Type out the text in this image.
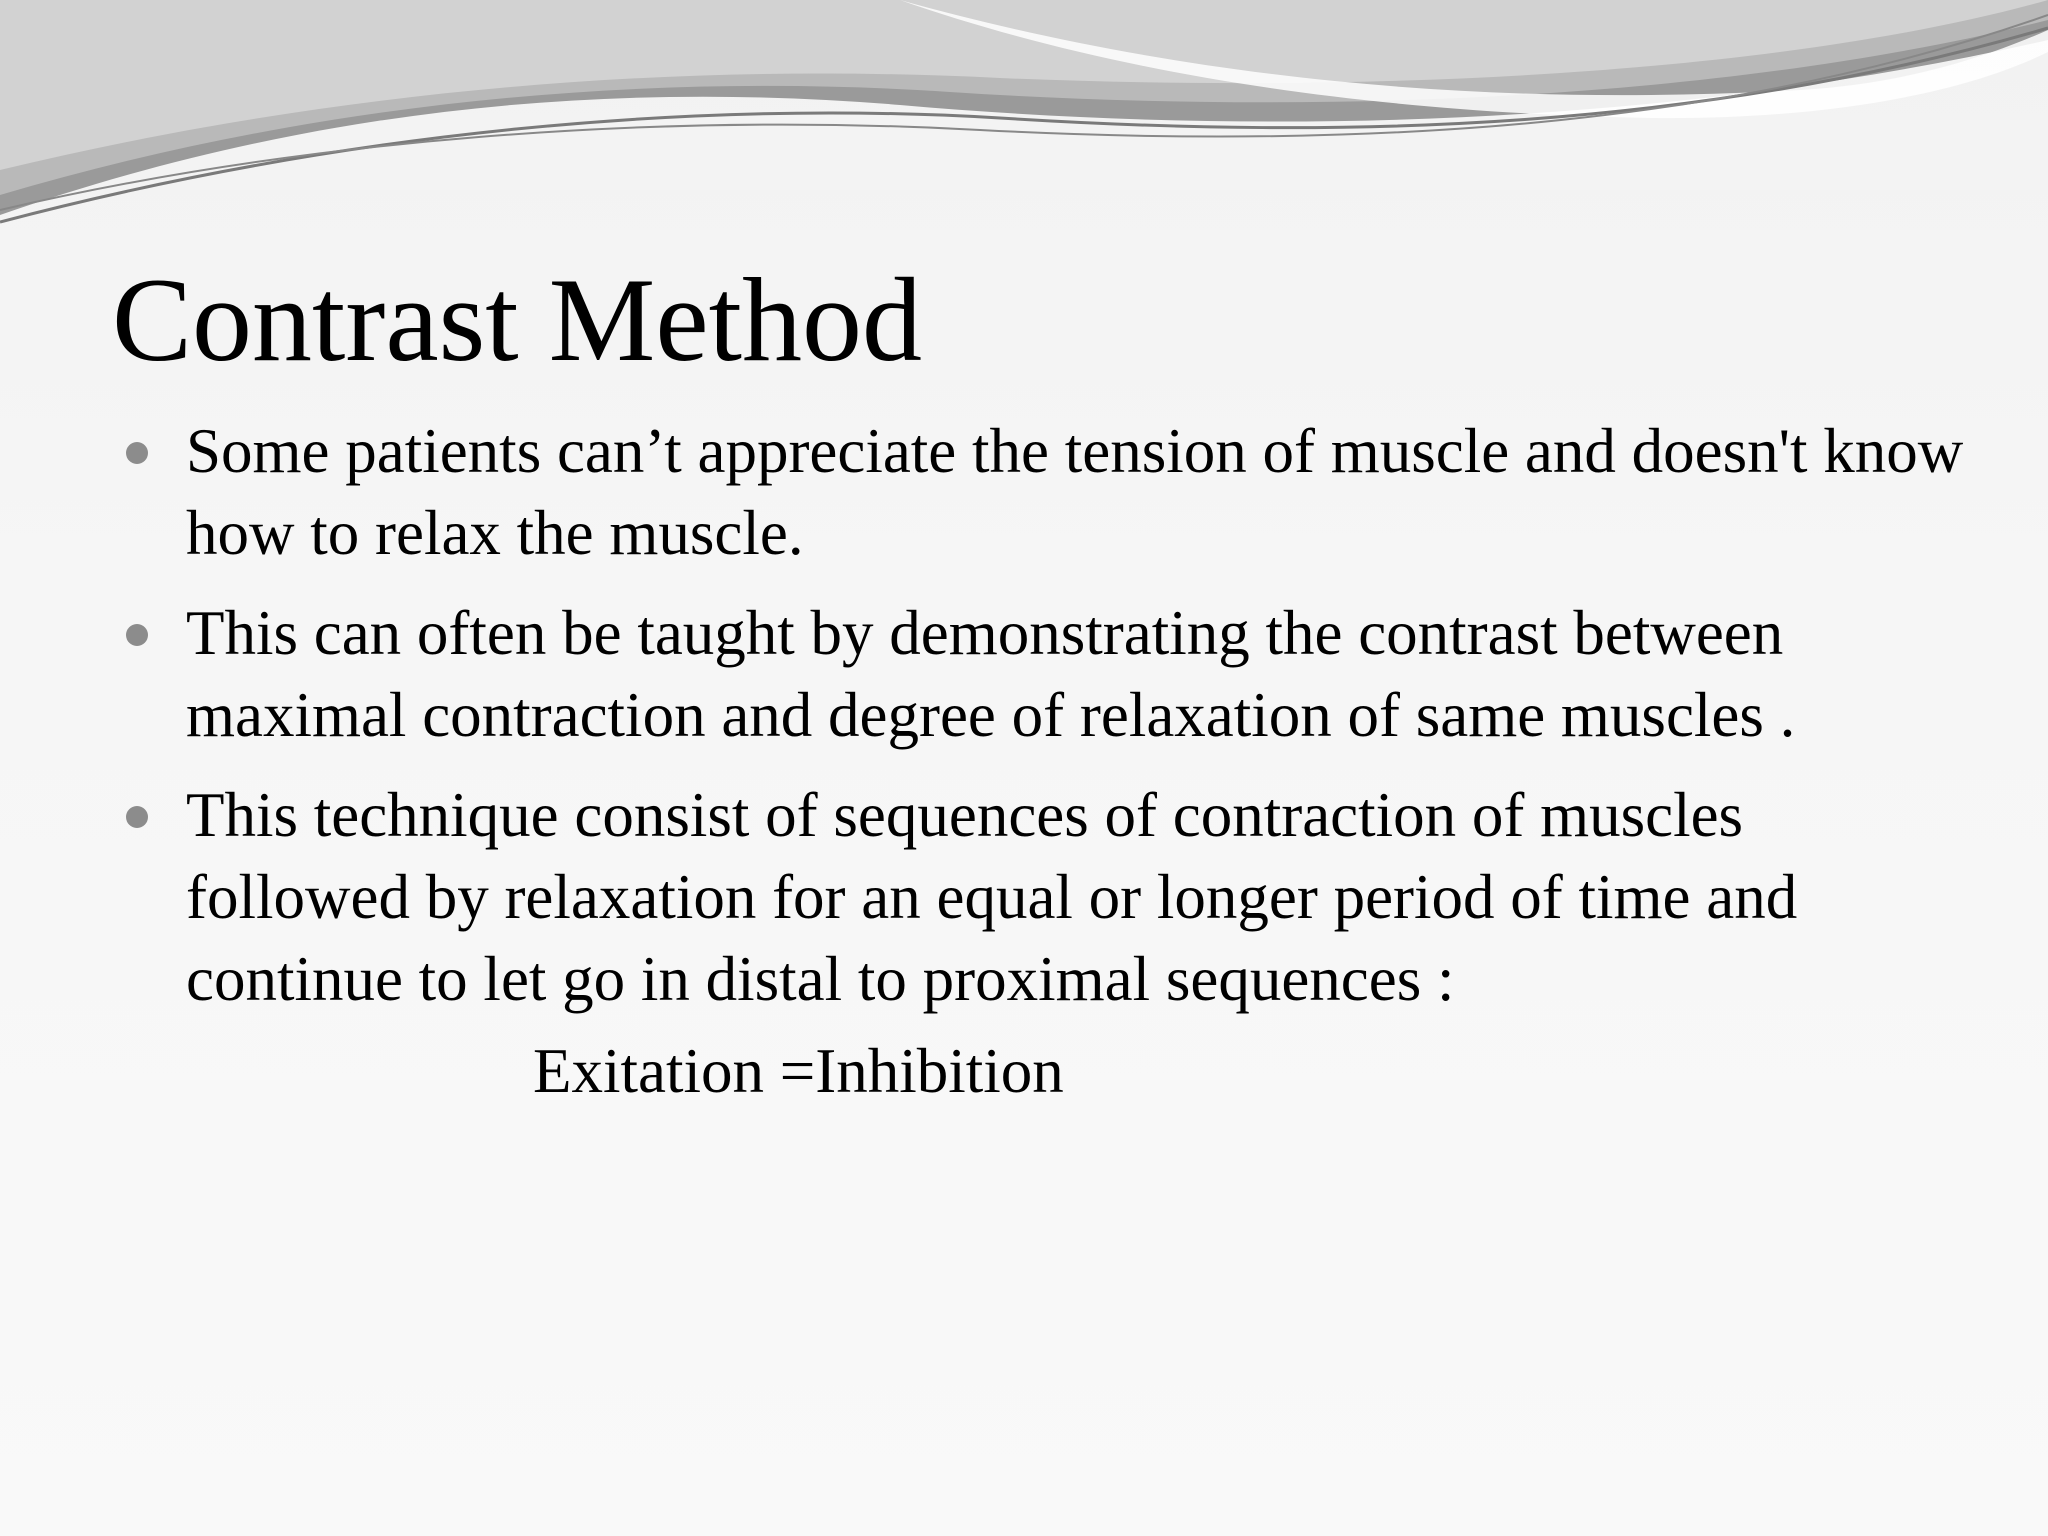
Contrast Method
Some patients can’t appreciate the tension of muscle and doesn't know how to relax the muscle.
This can often be taught by demonstrating the contrast between maximal contraction and degree of relaxation of same muscles .
This technique consist of sequences of contraction of muscles followed by relaxation for an equal or longer period of time and continue to let go in distal to proximal sequences :

Exitation =Inhibition
